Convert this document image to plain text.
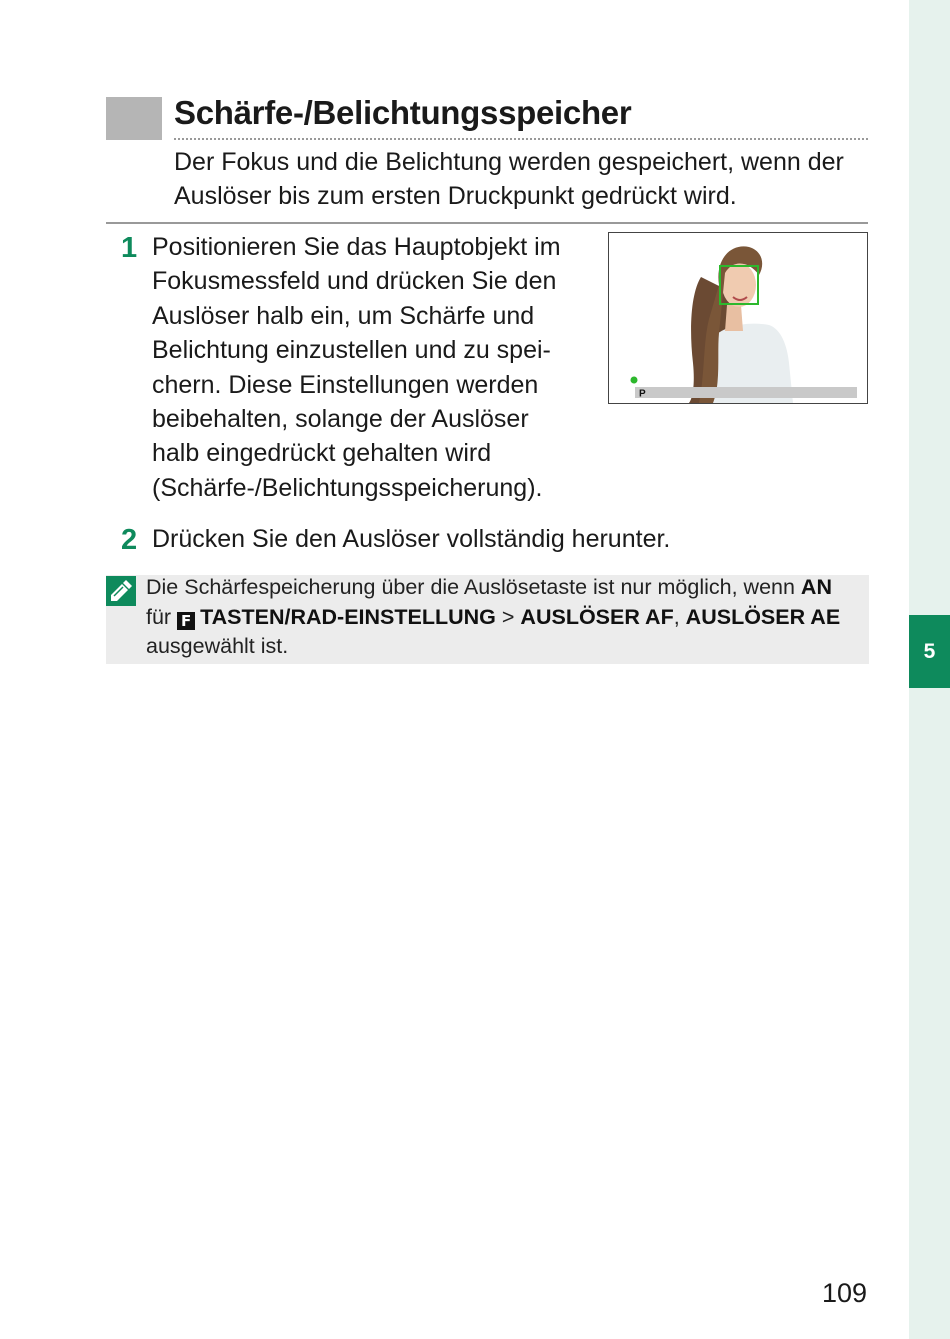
5
Schärfe-/Belichtungsspeicher

Der Fokus und die Belichtung werden gespeichert, wenn der Auslöser bis zum ersten Druckpunkt gedrückt wird.

1 Positionieren Sie das Hauptobjekt im
Fokusmessfeld und drücken Sie den
Auslöser halb ein, um Schärfe und
Belichtung einzustellen und zu spei-
chern. Diese Einstellungen werden
beibehalten, solange der Auslöser
halb eingedrückt gehalten wird
(Schärfe-/Belichtungsspeicherung).

P
2 Drücken Sie den Auslöser vollständig herunter.

Die Schärfespeicherung über die Auslösetaste ist nur möglich, wenn AN
für F TASTEN/RAD-EINSTELLUNG > AUSLÖSER AF, AUSLÖSER AE
ausgewählt ist.

109
